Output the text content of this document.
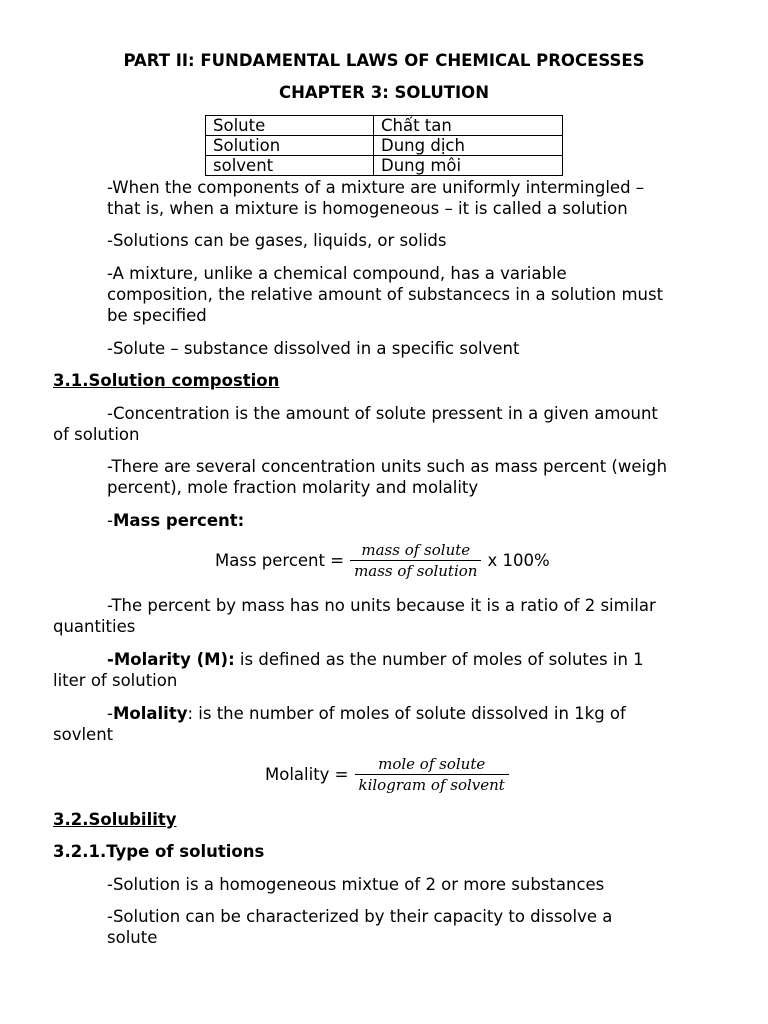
PART II: FUNDAMENTAL LAWS OF CHEMICAL PROCESSES
CHAPTER 3: SOLUTION
Solute	Chất tan
Solution	Dung dịch
solvent	Dung môi
-When the components of a mixture are uniformly intermingled –
that is, when a mixture is homogeneous – it is called a solution
-Solutions can be gases, liquids, or solids
-A mixture, unlike a chemical compound, has a variable
composition, the relative amount of substancecs in a solution must
be specified
-Solute – substance dissolved in a specific solvent
3.1.Solution compostion
-Concentration is the amount of solute pressent in a given amount
of solution
-There are several concentration units such as mass percent (weigh
percent), mole fraction molarity and molality
-Mass percent:
Mass percent = $\frac{\text{mass of solute}}{\text{mass of solution}}$ x 100%
-The percent by mass has no units because it is a ratio of 2 similar
quantities
-Molarity (M): is defined as the number of moles of solutes in 1
liter of solution
-Molality: is the number of moles of solute dissolved in 1kg of
sovlent
Molality = $\frac{\text{mole of solute}}{\text{kilogram of solvent}}$
3.2.Solubility
3.2.1.Type of solutions
-Solution is a homogeneous mixtue of 2 or more substances
-Solution can be characterized by their capacity to dissolve a
solute
